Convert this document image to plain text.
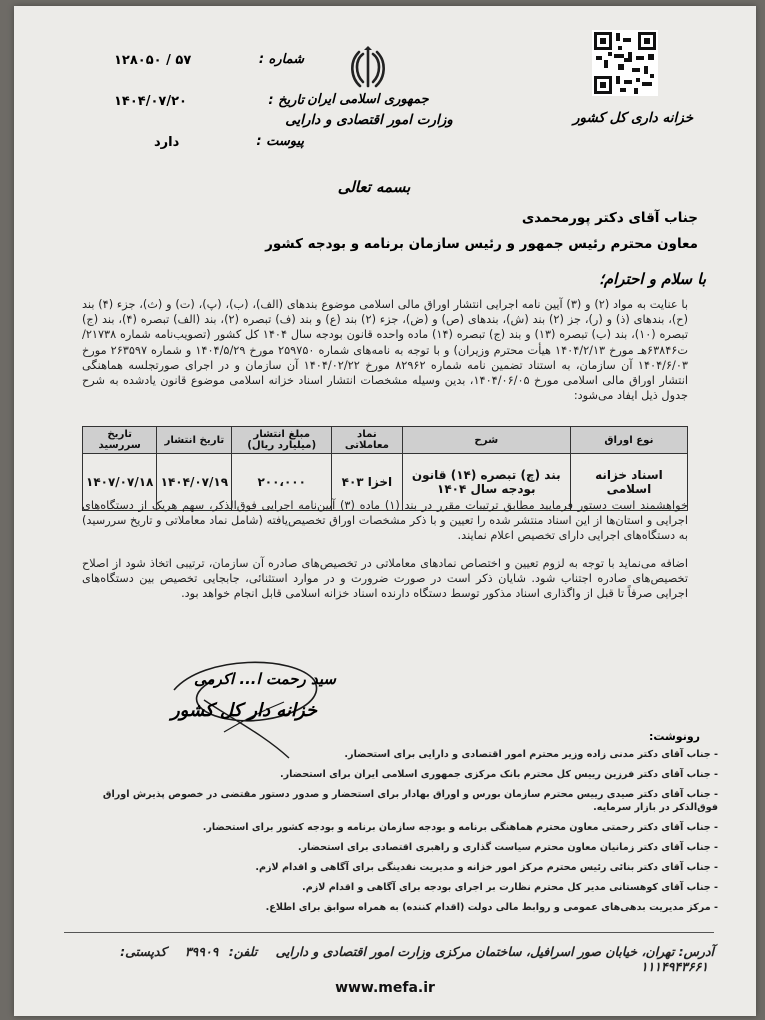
شماره :
۵۷ / ۱۲۸۰۵۰
تاریخ :
۱۴۰۴/۰۷/۲۰
پیوست :
دارد
جمهوری اسلامی ایران
وزارت امور اقتصادی و دارایی	خزانه داری کل کشور
بسمه تعالی
جناب آقای دکتر پورمحمدی
معاون محترم رئیس جمهور و رئیس سازمان برنامه و بودجه کشور
با سلام و احترام؛
با عنایت به مواد (۲) و (۳) آیین نامه اجرایی انتشار اوراق مالی اسلامی موضوع بندهای (الف)، (ب)، (پ)، (ت) و (ث)، جزء (۴) بند (ح)، بندهای (ذ) و (ر)، جز (۲) بند (ش)، بندهای (ص) و (ض)، جزء (۲) بند (ع) و بند (ف) تبصره (۲)، بند (الف) تبصره (۴)، بند (ج) تبصره (۱۰)، بند (ب) تبصره (۱۳) و بند (ج) تبصره (۱۴) ماده واحده قانون بودجه سال ۱۴۰۴ کل کشور (تصویب‌نامه شماره ۲۱۷۳۸/ت۶۳۸۴۶هـ مورخ ۱۴۰۴/۲/۱۳ هیأت محترم وزیران) و با توجه به نامه‌های شماره ۲۵۹۷۵۰ مورخ ۱۴۰۴/۵/۲۹ و شماره ۲۶۳۵۹۷ مورخ ۱۴۰۴/۶/۰۳ آن سازمان، به استناد تضمین نامه شماره ۸۲۹۶۲ مورخ ۱۴۰۴/۰۲/۲۲ آن سازمان و در اجرای صورتجلسه هماهنگی انتشار اوراق مالی اسلامی مورخ ۱۴۰۴/۰۶/۰۵، بدین وسیله مشخصات انتشار اسناد خزانه اسلامی موضوع قانون یادشده به شرح جدول ذیل ایفاد می‌شود:
نوع اوراق	شرح	نماد معاملاتی	مبلغ انتشار (میلیارد ریال)	تاریخ انتشار	تاریخ سررسید
اسناد خزانه اسلامی	بند (چ) تبصره (۱۴) قانون بودجه سال ۱۴۰۴	اخزا ۴۰۳	۲۰۰،۰۰۰	۱۴۰۴/۰۷/۱۹	۱۴۰۷/۰۷/۱۸
خواهشمند است دستور فرمایید مطابق ترتیبات مقرر در بند (۱) ماده (۳) آیین‌نامه اجرایی فوق‌الذکر، سهم هریک از دستگاه‌های اجرایی و استان‌ها از این اسناد منتشر شده را تعیین و با ذکر مشخصات اوراق تخصیص‌یافته (شامل نماد معاملاتی و تاریخ سررسید) به دستگاه‌های اجرایی دارای تخصیص اعلام نمایند.
اضافه می‌نماید با توجه به لزوم تعیین و اختصاص نمادهای معاملاتی در تخصیص‌های صادره آن سازمان، ترتیبی اتخاذ شود از اصلاح تخصیص‌های صادره اجتناب شود. شایان ذکر است در صورت ضرورت و در موارد استثنائی، جابجایی تخصیص بین دستگاه‌های اجرایی صرفاً تا قبل از واگذاری اسناد مذکور توسط دستگاه دارنده اسناد خزانه اسلامی قابل انجام خواهد بود.
سید رحمت ا... اکرمی
خزانه دار کل کشور
رونوشت:
- جناب آقای دکتر مدنی زاده وزیر محترم امور اقتصادی و دارایی برای استحضار.
- جناب آقای دکتر فرزین رییس کل محترم بانک مرکزی جمهوری اسلامی ایران برای استحضار.
- جناب آقای دکتر صیدی رییس محترم سازمان بورس و اوراق بهادار برای استحضار و صدور دستور مقتضی در خصوص پذیرش اوراق فوق‌الذکر در بازار سرمایه.
- جناب آقای دکتر رحمتی معاون محترم هماهنگی برنامه و بودجه سازمان برنامه و بودجه کشور برای استحضار.
- جناب آقای دکتر زمانیان معاون محترم سیاست گذاری و راهبری اقتصادی برای استحضار.
- جناب آقای دکتر بنائی رئیس محترم مرکز امور خزانه و مدیریت نقدینگی برای آگاهی و اقدام لازم.
- جناب آقای کوهستانی مدیر کل محترم نظارت بر اجرای بودجه برای آگاهی و اقدام لازم.
- مرکز مدیریت بدهی‌های عمومی و روابط مالی دولت (اقدام کننده) به همراه سوابق برای اطلاع.
آدرس: تهران، خیابان صور اسرافیل، ساختمان مرکزی وزارت امور اقتصادی و دارایی تلفن: ۳۹۹۰۹ کدپستی: ۱۱۱۴۹۴۳۶۶۱
www.mefa.ir
